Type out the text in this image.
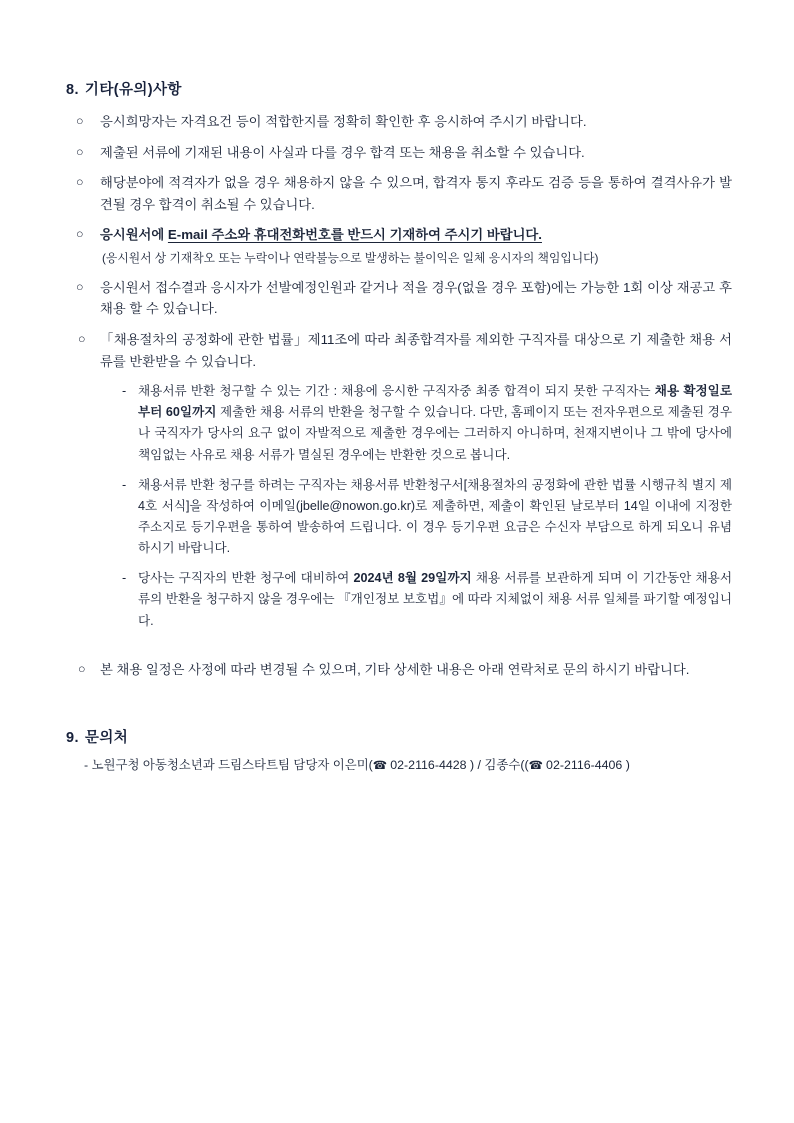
8. 기타(유의)사항
○ 응시희망자는 자격요건 등이 적합한지를 정확히 확인한 후 응시하여 주시기 바랍니다.
○ 제출된 서류에 기재된 내용이 사실과 다를 경우 합격 또는 채용을 취소할 수 있습니다.
○ 해당분야에 적격자가 없을 경우 채용하지 않을 수 있으며, 합격자 통지 후라도 검증 등을 통하여 결격사유가 발견될 경우 합격이 취소될 수 있습니다.
○ 응시원서에 E-mail 주소와 휴대전화번호를 반드시 기재하여 주시기 바랍니다.
(응시원서 상 기재착오 또는 누락이나 연락불능으로 발생하는 불이익은 일체 응시자의 책임입니다)
○ 응시원서 접수결과 응시자가 선발예정인원과 같거나 적을 경우(없을 경우 포함)에는 가능한 1회 이상 재공고 후 채용 할 수 있습니다.
○ 「채용절차의 공정화에 관한 법률」제11조에 따라 최종합격자를 제외한 구직자를 대상으로 기 제출한 채용 서류를 반환받을 수 있습니다.
- 채용서류 반환 청구할 수 있는 기간 : 채용에 응시한 구직자중 최종 합격이 되지 못한 구직자는 채용 확정일로부터 60일까지 제출한 채용 서류의 반환을 청구할 수 있습니다. 다만, 홈페이지 또는 전자우편으로 제출된 경우나 국직자가 당사의 요구 없이 자발적으로 제출한 경우에는 그러하지 아니하며, 천재지변이나 그 밖에 당사에 책임없는 사유로 채용 서류가 멸실된 경우에는 반환한 것으로 봅니다.
- 채용서류 반환 청구를 하려는 구직자는 채용서류 반환청구서[채용절차의 공정화에 관한 법률 시행규칙 별지 제4호 서식]을 작성하여 이메일(jbelle@nowon.go.kr)로 제출하면, 제출이 확인된 날로부터 14일 이내에 지정한 주소지로 등기우편을 통하여 발송하여 드립니다. 이 경우 등기우편 요금은 수신자 부담으로 하게 되오니 유념하시기 바랍니다.
- 당사는 구직자의 반환 청구에 대비하여 2024년 8월 29일까지 채용 서류를 보관하게 되며 이 기간동안 채용서류의 반환을 청구하지 않을 경우에는 『개인정보 보호법』에 따라 지체없이 채용 서류 일체를 파기할 예정입니다.
○ 본 채용 일정은 사정에 따라 변경될 수 있으며, 기타 상세한 내용은 아래 연락처로 문의 하시기 바랍니다.
9. 문의처
- 노원구청 아동청소년과 드림스타트팀 담당자 이은미(☎ 02-2116-4428 ) / 김종수((☎ 02-2116-4406 )
